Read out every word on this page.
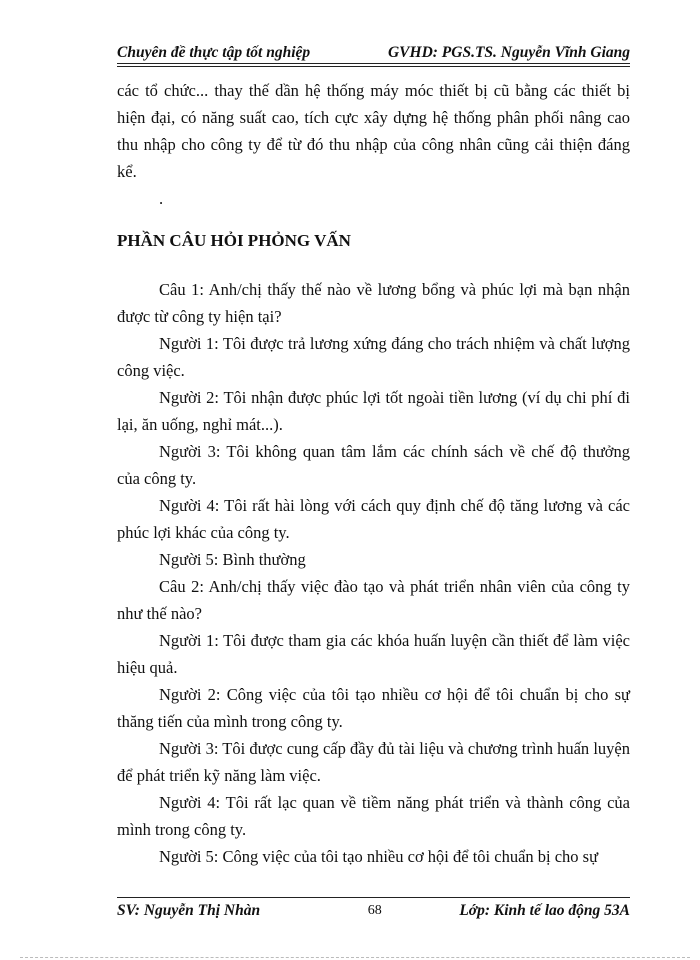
Chuyên đề thực tập tốt nghiệp	GVHD: PGS.TS. Nguyễn Vĩnh Giang

các tổ chức... thay thế dần hệ thống máy móc thiết bị cũ bằng các thiết bị hiện đại, có năng suất cao, tích cực xây dựng hệ thống phân phối nâng cao thu nhập cho công ty để từ đó thu nhập của công nhân cũng cải thiện đáng kể.

.

PHẦN CÂU HỎI PHỎNG VẤN

Câu 1: Anh/chị thấy thế nào về lương bổng và phúc lợi mà bạn nhận được từ công ty hiện tại?

Người 1: Tôi được trả lương xứng đáng cho trách nhiệm và chất lượng công việc.

Người 2: Tôi nhận được phúc lợi tốt ngoài tiền lương (ví dụ chi phí đi lại, ăn uống, nghỉ mát...).

Người 3: Tôi không quan tâm lắm các chính sách về chế độ thưởng của công ty.

Người 4: Tôi rất hài lòng với cách quy định chế độ tăng lương và các phúc lợi khác của công ty.

Người 5: Bình thường

Câu 2: Anh/chị thấy việc đào tạo và phát triển nhân viên của công ty như thế nào?

Người 1: Tôi được tham gia các khóa huấn luyện cần thiết để làm việc hiệu quả.

Người 2: Công việc của tôi tạo nhiều cơ hội để tôi chuẩn bị cho sự thăng tiến của mình trong công ty.

Người 3: Tôi được cung cấp đầy đủ tài liệu và chương trình huấn luyện để phát triển kỹ năng làm việc.

Người 4: Tôi rất lạc quan về tiềm năng phát triển và thành công của mình trong công ty.

Người 5: Công việc của tôi tạo nhiều cơ hội để tôi chuẩn bị cho sự

SV: Nguyễn Thị Nhàn	68	Lớp: Kinh tế lao động 53A
